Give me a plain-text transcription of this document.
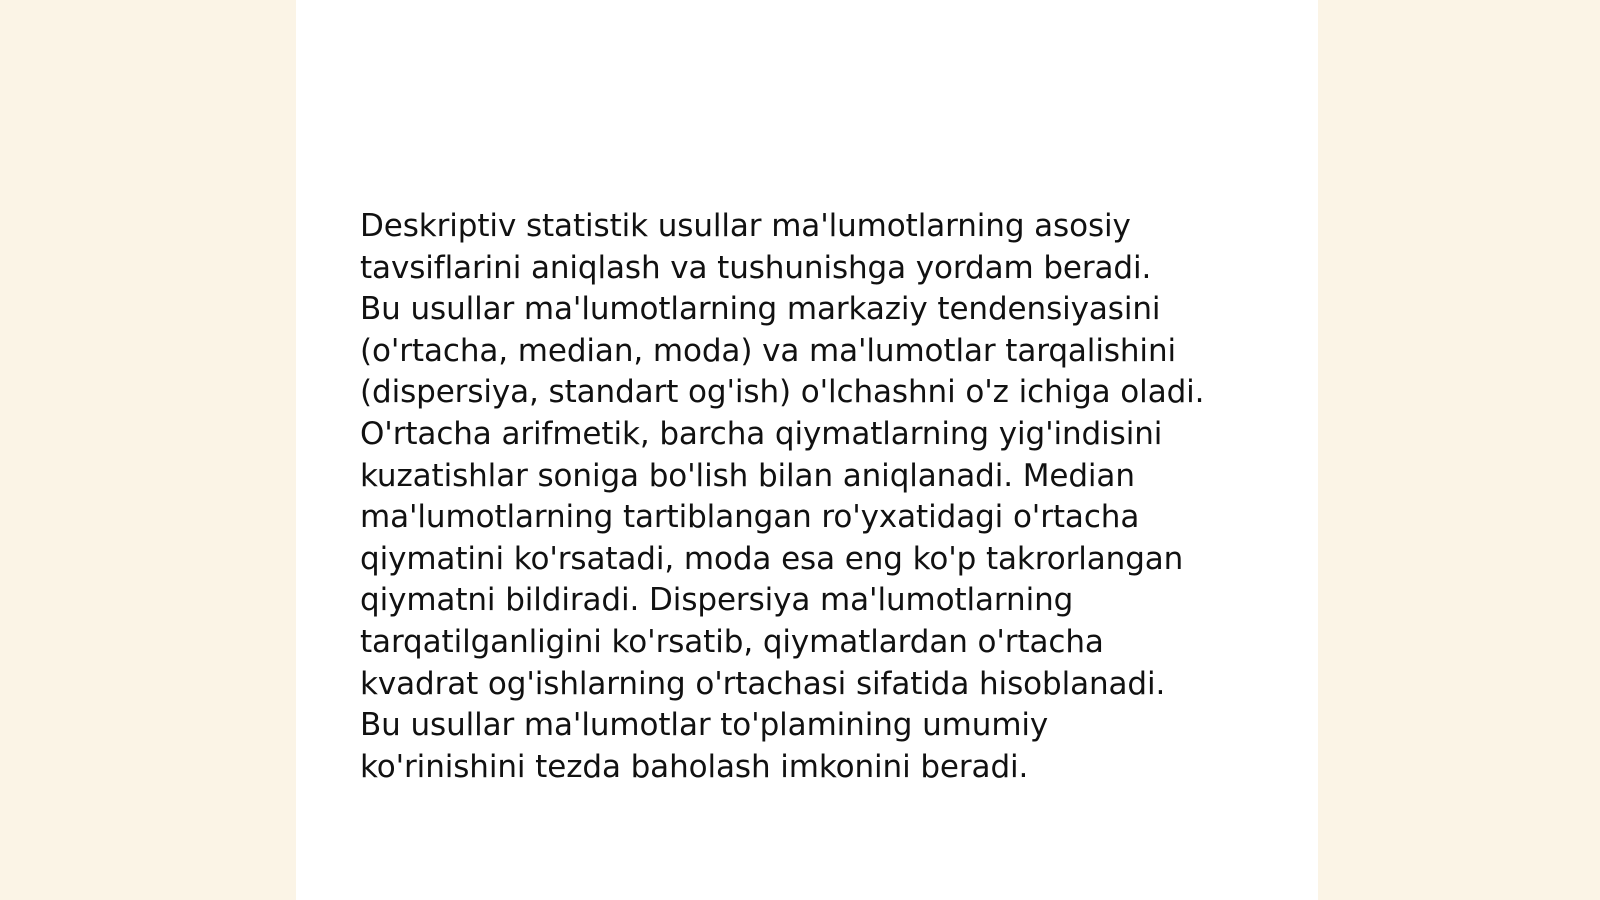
Deskriptiv statistik usullar ma'lumotlarning asosiy
tavsiflarini aniqlash va tushunishga yordam beradi.
Bu usullar ma'lumotlarning markaziy tendensiyasini
(o'rtacha, median, moda) va ma'lumotlar tarqalishini
(dispersiya, standart og'ish) o'lchashni o'z ichiga oladi.
O'rtacha arifmetik, barcha qiymatlarning yig'indisini
kuzatishlar soniga bo'lish bilan aniqlanadi. Median
ma'lumotlarning tartiblangan ro'yxatidagi o'rtacha
qiymatini ko'rsatadi, moda esa eng ko'p takrorlangan
qiymatni bildiradi. Dispersiya ma'lumotlarning
tarqatilganligini ko'rsatib, qiymatlardan o'rtacha
kvadrat og'ishlarning o'rtachasi sifatida hisoblanadi.
Bu usullar ma'lumotlar to'plamining umumiy
ko'rinishini tezda baholash imkonini beradi.
